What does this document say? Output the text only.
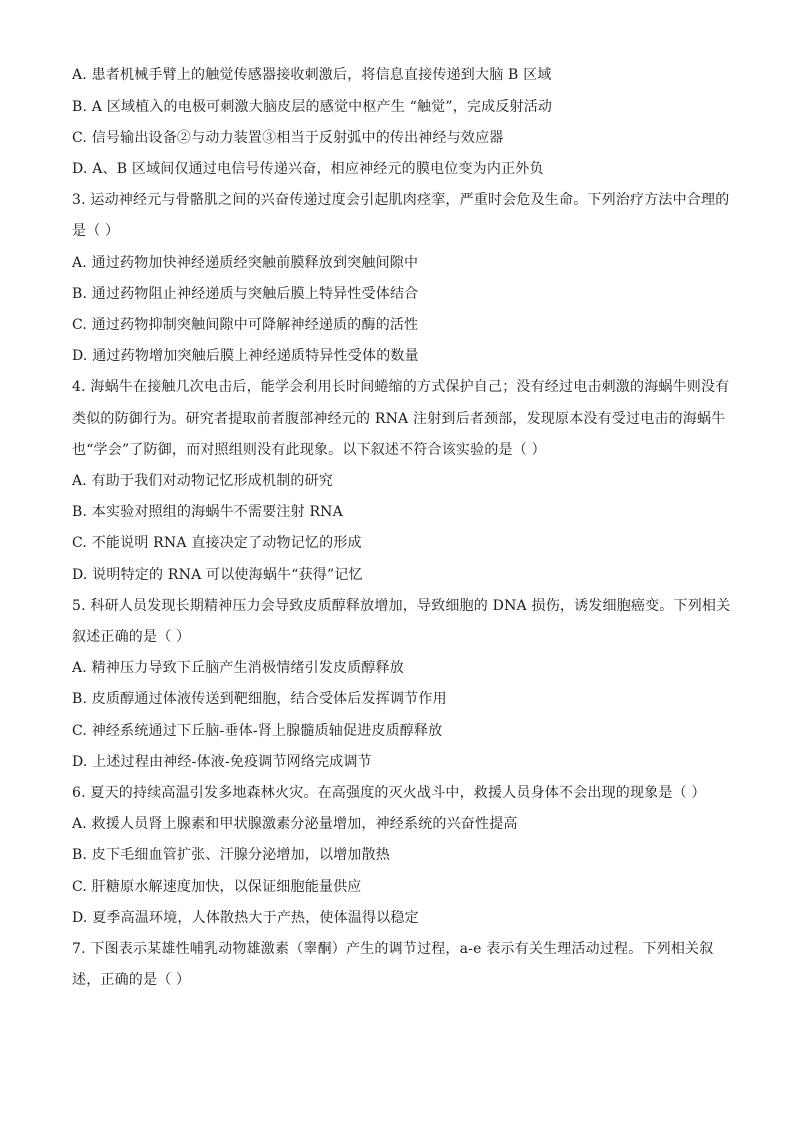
A. 患者机械手臂上的触觉传感器接收刺激后，将信息直接传递到大脑 B 区域
B. A 区域植入的电极可刺激大脑皮层的感觉中枢产生 “触觉”，完成反射活动
C. 信号输出设备②与动力装置③相当于反射弧中的传出神经与效应器
D. A、B 区域间仅通过电信号传递兴奋，相应神经元的膜电位变为内正外负
3. 运动神经元与骨骼肌之间的兴奋传递过度会引起肌肉痉挛，严重时会危及生命。下列治疗方法中合理的
是（ ）
A. 通过药物加快神经递质经突触前膜释放到突触间隙中
B. 通过药物阻止神经递质与突触后膜上特异性受体结合
C. 通过药物抑制突触间隙中可降解神经递质的酶的活性
D. 通过药物增加突触后膜上神经递质特异性受体的数量
4. 海蜗牛在接触几次电击后，能学会利用长时间蜷缩的方式保护自己；没有经过电击刺激的海蜗牛则没有
类似的防御行为。研究者提取前者腹部神经元的 RNA 注射到后者颈部，发现原本没有受过电击的海蜗牛
也“学会”了防御，而对照组则没有此现象。以下叙述不符合该实验的是（ ）
A. 有助于我们对动物记忆形成机制的研究
B. 本实验对照组的海蜗牛不需要注射 RNA
C. 不能说明 RNA 直接决定了动物记忆的形成
D. 说明特定的 RNA 可以使海蜗牛“获得”记忆
5. 科研人员发现长期精神压力会导致皮质醇释放增加，导致细胞的 DNA 损伤，诱发细胞癌变。下列相关
叙述正确的是（ ）
A. 精神压力导致下丘脑产生消极情绪引发皮质醇释放
B. 皮质醇通过体液传送到靶细胞，结合受体后发挥调节作用
C. 神经系统通过下丘脑-垂体-肾上腺髓质轴促进皮质醇释放
D. 上述过程由神经-体液-免疫调节网络完成调节
6. 夏天的持续高温引发多地森林火灾。在高强度的灭火战斗中，救援人员身体不会出现的现象是（ ）
A. 救援人员肾上腺素和甲状腺激素分泌量增加，神经系统的兴奋性提高
B. 皮下毛细血管扩张、汗腺分泌增加，以增加散热
C. 肝糖原水解速度加快，以保证细胞能量供应
D. 夏季高温环境，人体散热大于产热，使体温得以稳定
7. 下图表示某雄性哺乳动物雄激素（睾酮）产生的调节过程，a-e 表示有关生理活动过程。下列相关叙
述，正确的是（ ）
